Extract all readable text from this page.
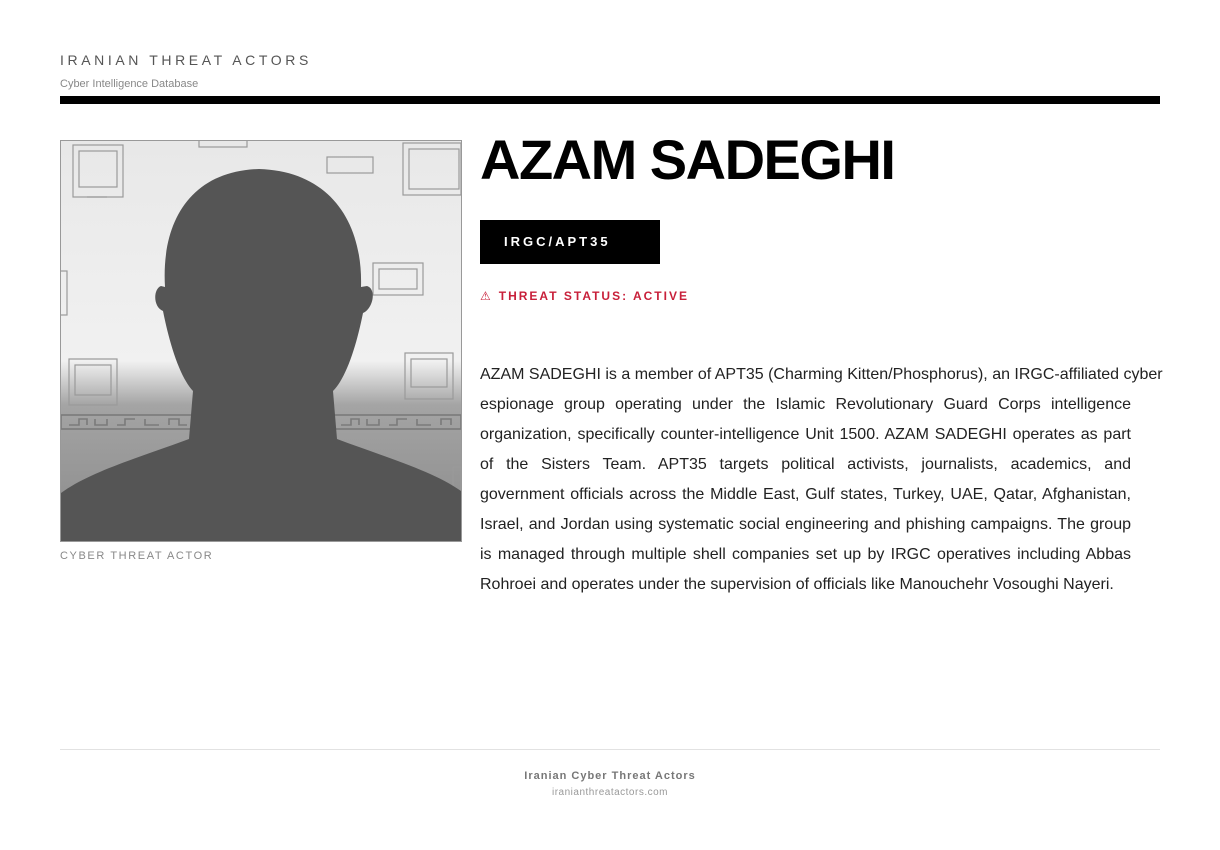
IRANIAN THREAT ACTORS
Cyber Intelligence Database
CYBER THREAT ACTOR
AZAM SADEGHI
IRGC/APT35
⚠ THREAT STATUS: ACTIVE

AZAM SADEGHI is a member of APT35 (Charming Kitten/Phosphorus), an IRGC-affiliated cyber
espionage group operating under the Islamic Revolutionary Guard Corps intelligence
organization, specifically counter-intelligence Unit 1500. AZAM SADEGHI operates as part
of the Sisters Team. APT35 targets political activists, journalists, academics, and
government officials across the Middle East, Gulf states, Turkey, UAE, Qatar, Afghanistan,
Israel, and Jordan using systematic social engineering and phishing campaigns. The group
is managed through multiple shell companies set up by IRGC operatives including Abbas
Rohroei and operates under the supervision of officials like Manouchehr Vosoughi Nayeri.

Iranian Cyber Threat Actors
iranianthreatactors.com
